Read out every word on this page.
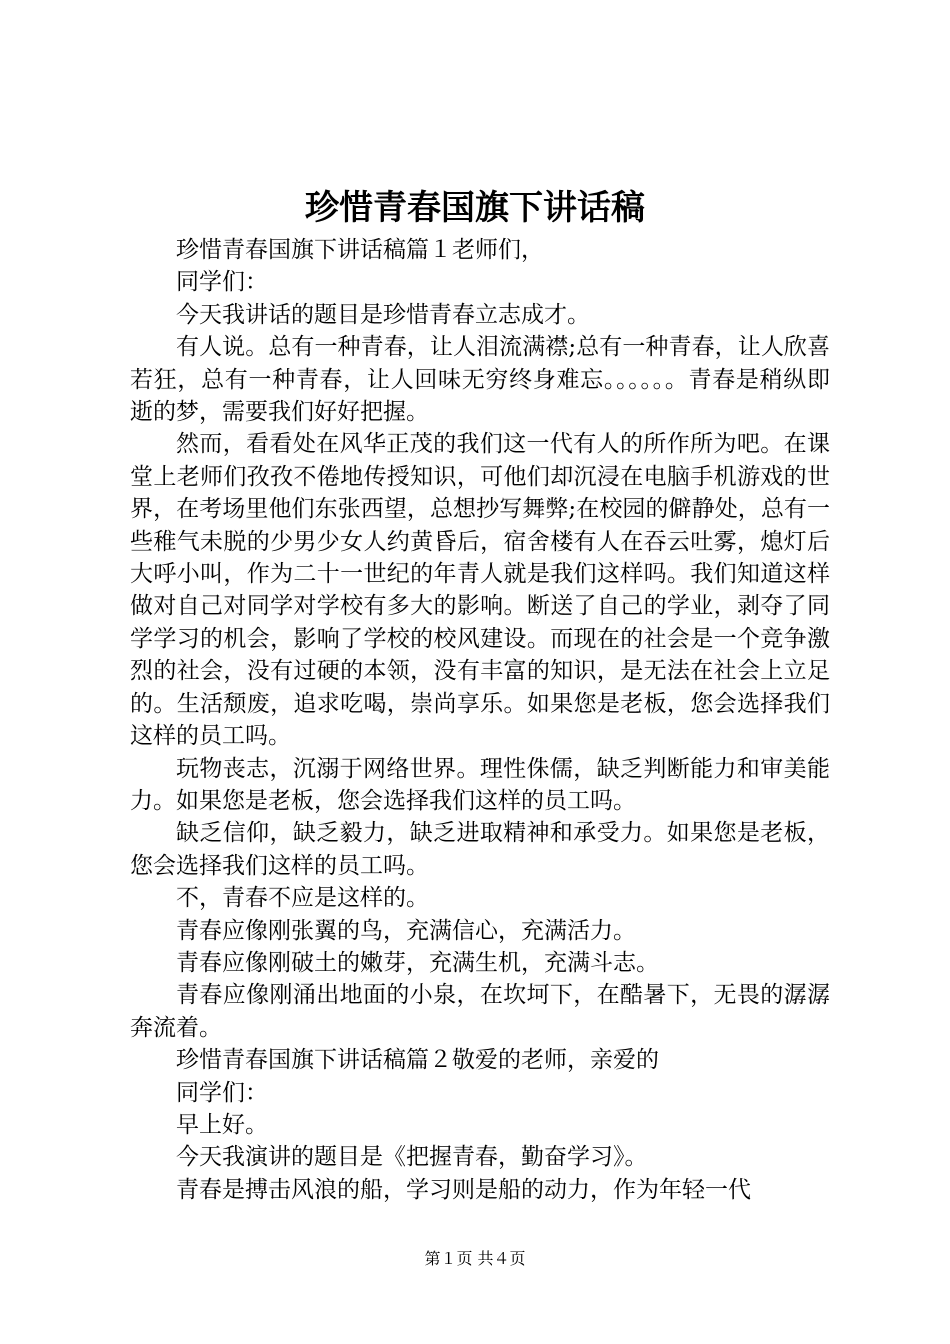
珍惜青春国旗下讲话稿

珍惜青春国旗下讲话稿篇１老师们，

同学们：

今天我讲话的题目是珍惜青春立志成才。

有人说。总有一种青春，让人泪流满襟;总有一种青春，让人欣喜若狂，总有一种青春，让人回味无穷终身难忘。。。。。。青春是稍纵即逝的梦，需要我们好好把握。

然而，看看处在风华正茂的我们这一代有人的所作所为吧。在课堂上老师们孜孜不倦地传授知识，可他们却沉浸在电脑手机游戏的世界，在考场里他们东张西望，总想抄写舞弊;在校园的僻静处，总有一些稚气未脱的少男少女人约黄昏后，宿舍楼有人在吞云吐雾，熄灯后大呼小叫，作为二十一世纪的年青人就是我们这样吗。我们知道这样做对自己对同学对学校有多大的影响。断送了自己的学业，剥夺了同学学习的机会，影响了学校的校风建设。而现在的社会是一个竞争激烈的社会，没有过硬的本领，没有丰富的知识，是无法在社会上立足的。生活颓废，追求吃喝，崇尚享乐。如果您是老板，您会选择我们这样的员工吗。

玩物丧志，沉溺于网络世界。理性侏儒，缺乏判断能力和审美能力。如果您是老板，您会选择我们这样的员工吗。

缺乏信仰，缺乏毅力，缺乏进取精神和承受力。如果您是老板，您会选择我们这样的员工吗。

不，青春不应是这样的。

青春应像刚张翼的鸟，充满信心，充满活力。

青春应像刚破土的嫩芽，充满生机，充满斗志。

青春应像刚涌出地面的小泉，在坎坷下，在酷暑下，无畏的潺潺奔流着。

珍惜青春国旗下讲话稿篇２敬爱的老师，亲爱的

同学们：

早上好。

今天我演讲的题目是《把握青春，勤奋学习》。

青春是搏击风浪的船，学习则是船的动力，作为年轻一代

第１页 共４页
